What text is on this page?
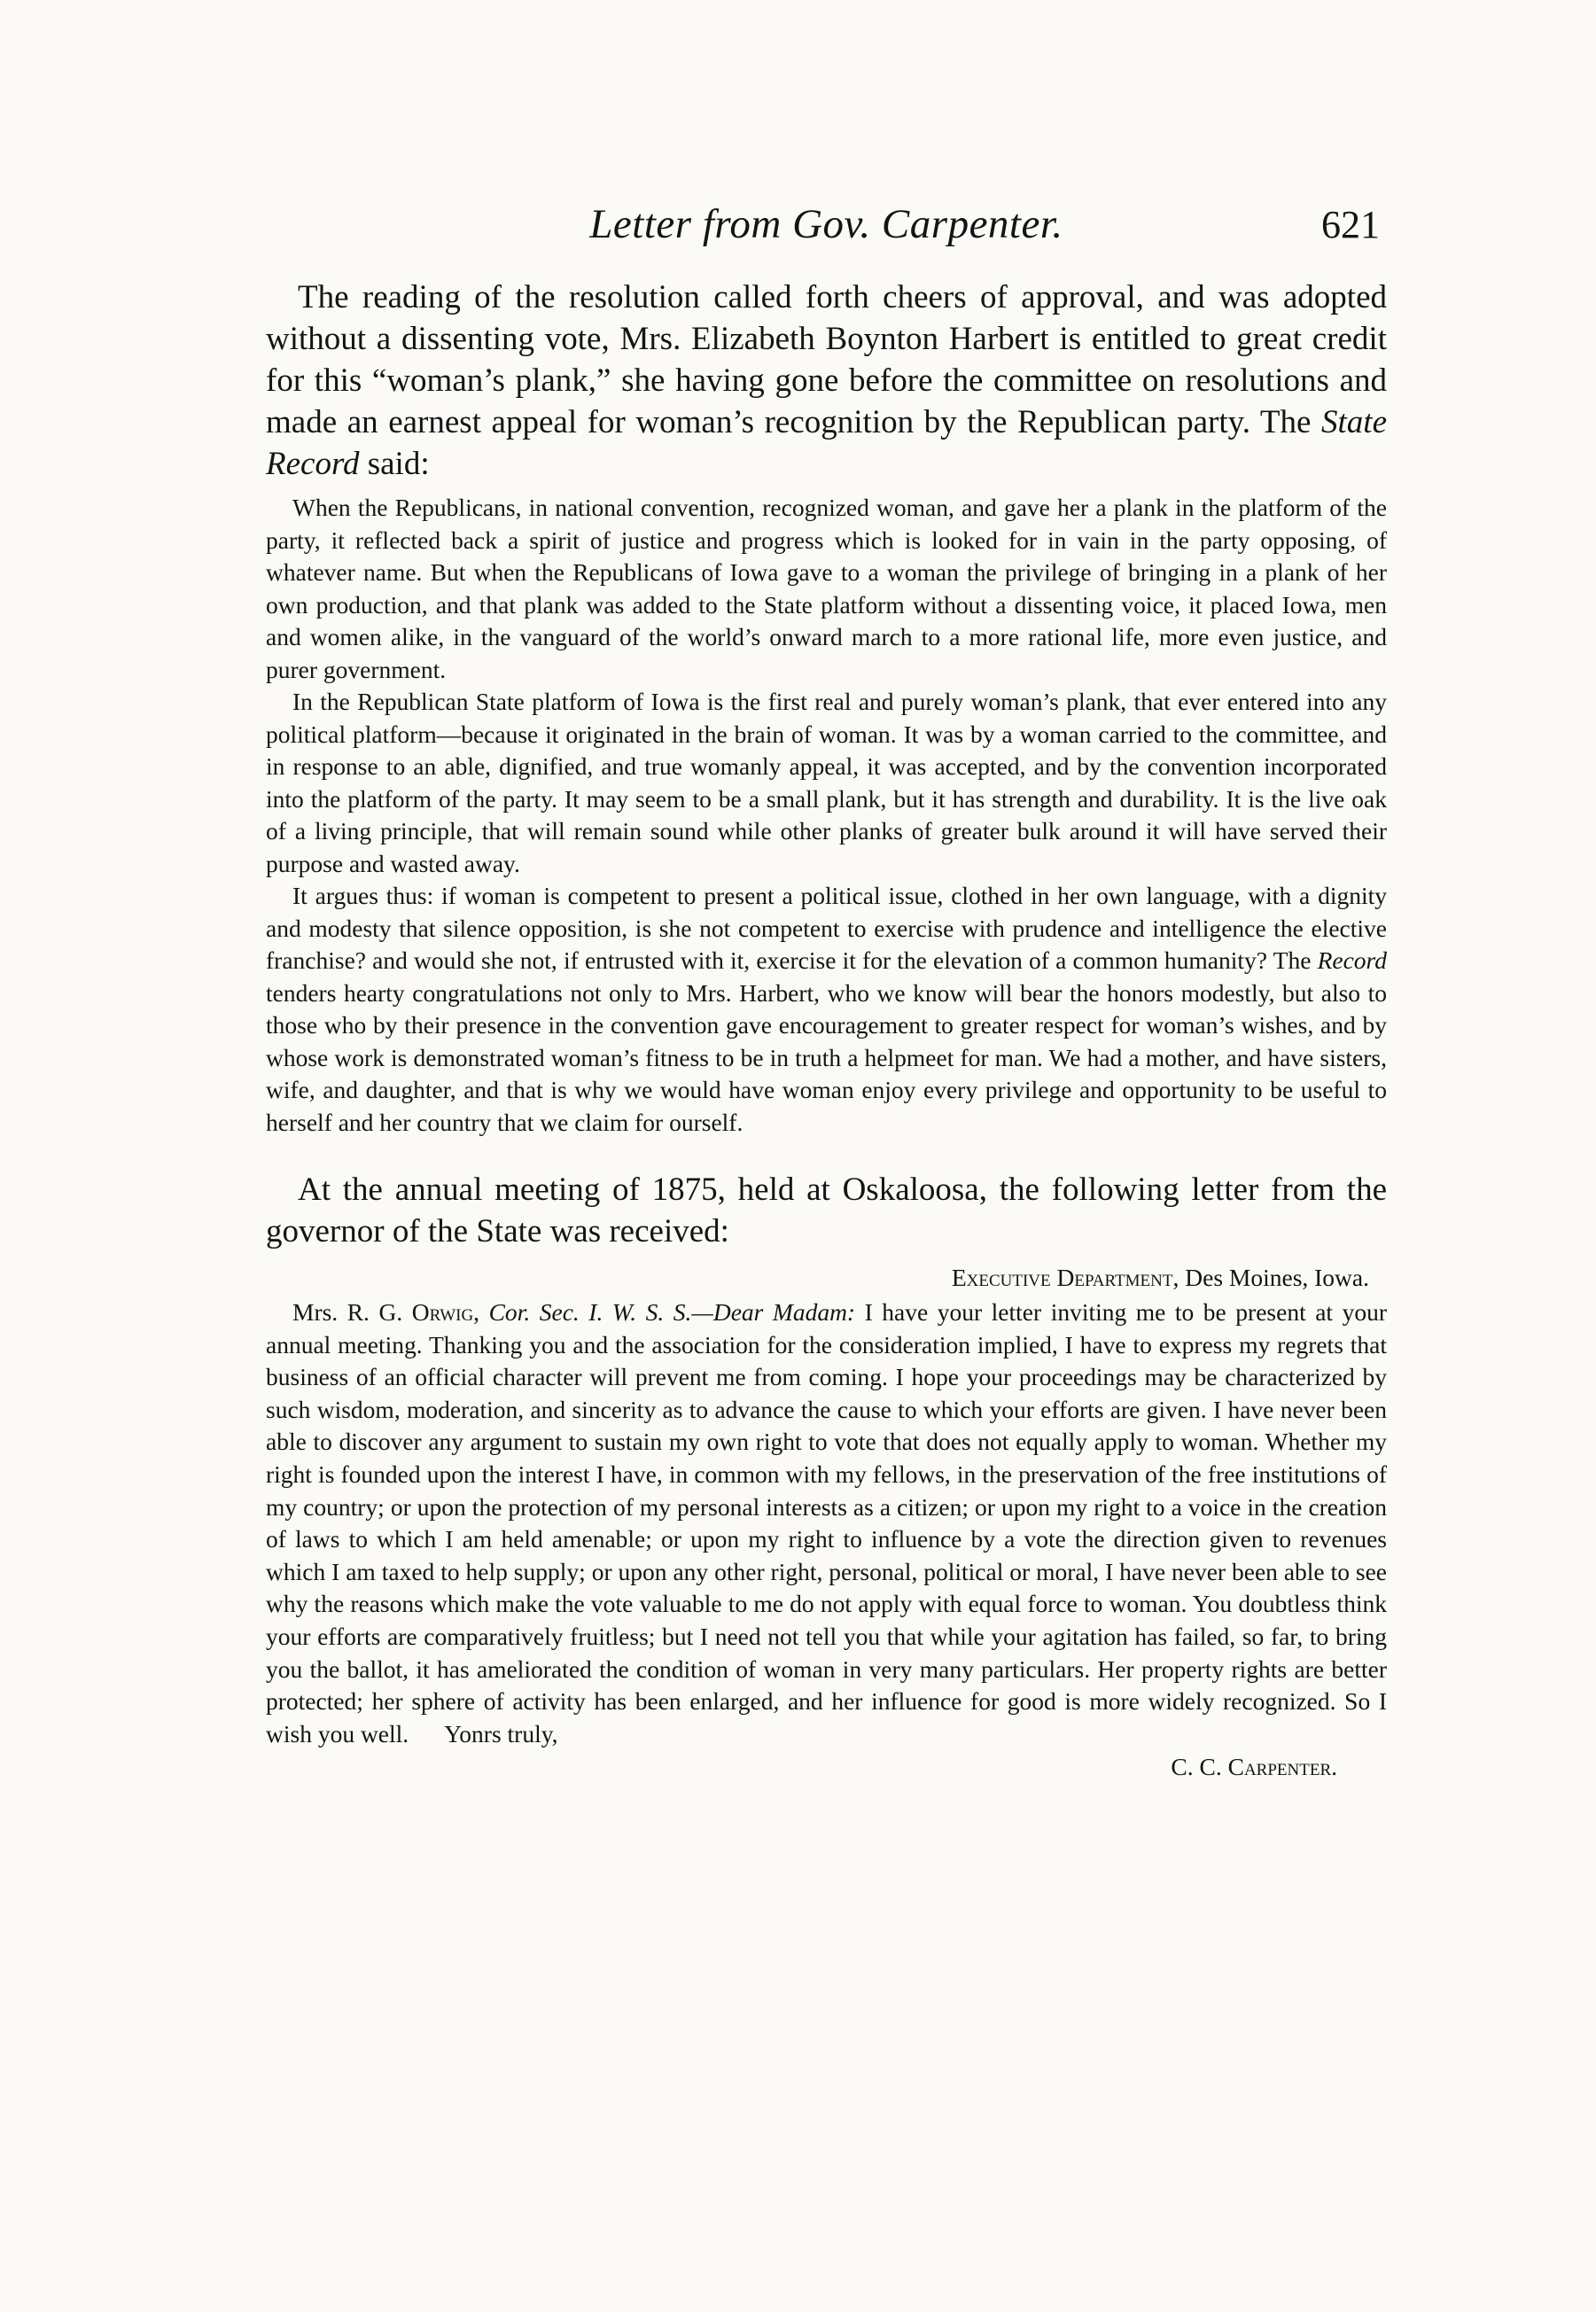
Letter from Gov. Carpenter.	621

The reading of the resolution called forth cheers of approval, and was adopted without a dissenting vote, Mrs. Elizabeth Boynton Harbert is entitled to great credit for this “woman’s plank,” she having gone before the committee on resolutions and made an earnest appeal for woman’s recognition by the Republican party. The State Record said:

When the Republicans, in national convention, recognized woman, and gave her a plank in the platform of the party, it reflected back a spirit of justice and progress which is looked for in vain in the party opposing, of whatever name. But when the Republicans of Iowa gave to a woman the privilege of bringing in a plank of her own production, and that plank was added to the State platform without a dissenting voice, it placed Iowa, men and women alike, in the vanguard of the world’s onward march to a more rational life, more even justice, and purer government.

In the Republican State platform of Iowa is the first real and purely woman’s plank, that ever entered into any political platform—because it originated in the brain of woman. It was by a woman carried to the committee, and in response to an able, dignified, and true womanly appeal, it was accepted, and by the convention incorporated into the platform of the party. It may seem to be a small plank, but it has strength and durability. It is the live oak of a living principle, that will remain sound while other planks of greater bulk around it will have served their purpose and wasted away.

It argues thus: if woman is competent to present a political issue, clothed in her own language, with a dignity and modesty that silence opposition, is she not competent to exercise with prudence and intelligence the elective franchise? and would she not, if entrusted with it, exercise it for the elevation of a common humanity? The Record tenders hearty congratulations not only to Mrs. Harbert, who we know will bear the honors modestly, but also to those who by their presence in the convention gave encouragement to greater respect for woman’s wishes, and by whose work is demonstrated woman’s fitness to be in truth a helpmeet for man. We had a mother, and have sisters, wife, and daughter, and that is why we would have woman enjoy every privilege and opportunity to be useful to herself and her country that we claim for ourself.

At the annual meeting of 1875, held at Oskaloosa, the following letter from the governor of the State was received:

Executive Department, Des Moines, Iowa.

Mrs. R. G. Orwig, Cor. Sec. I. W. S. S.—Dear Madam: I have your letter inviting me to be present at your annual meeting. Thanking you and the association for the consideration implied, I have to express my regrets that business of an official character will prevent me from coming. I hope your proceedings may be characterized by such wisdom, moderation, and sincerity as to advance the cause to which your efforts are given. I have never been able to discover any argument to sustain my own right to vote that does not equally apply to woman. Whether my right is founded upon the interest I have, in common with my fellows, in the preservation of the free institutions of my country; or upon the protection of my personal interests as a citizen; or upon my right to a voice in the creation of laws to which I am held amenable; or upon my right to influence by a vote the direction given to revenues which I am taxed to help supply; or upon any other right, personal, political or moral, I have never been able to see why the reasons which make the vote valuable to me do not apply with equal force to woman. You doubtless think your efforts are comparatively fruitless; but I need not tell you that while your agitation has failed, so far, to bring you the ballot, it has ameliorated the condition of woman in very many particulars. Her property rights are better protected; her sphere of activity has been enlarged, and her influence for good is more widely recognized. So I wish you well. Yonrs truly,

C. C. Carpenter.
